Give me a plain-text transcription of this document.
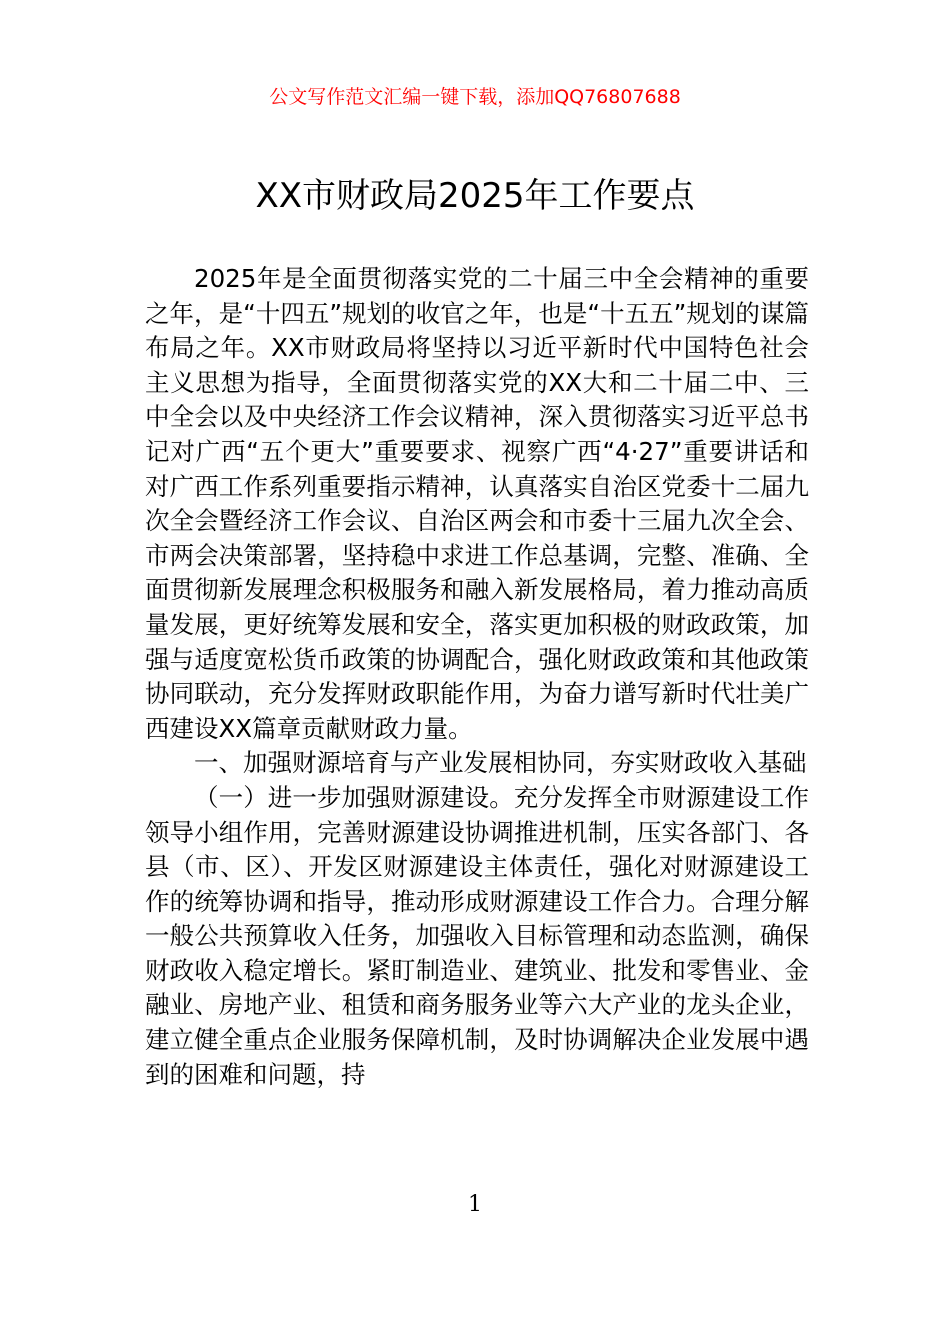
公文写作范文汇编一键下载，添加QQ76807688
XX市财政局2025年工作要点

2025年是全面贯彻落实党的二十届三中全会精神的重要之年，是“十四五”规划的收官之年，也是“十五五”规划的谋篇布局之年。XX市财政局将坚持以习近平新时代中国特色社会主义思想为指导，全面贯彻落实党的XX大和二十届二中、三中全会以及中央经济工作会议精神，深入贯彻落实习近平总书记对广西“五个更大”重要要求、视察广西“4·27”重要讲话和对广西工作系列重要指示精神，认真落实自治区党委十二届九次全会暨经济工作会议、自治区两会和市委十三届九次全会、市两会决策部署，坚持稳中求进工作总基调，完整、准确、全面贯彻新发展理念积极服务和融入新发展格局，着力推动高质量发展，更好统筹发展和安全，落实更加积极的财政政策，加强与适度宽松货币政策的协调配合，强化财政政策和其他政策协同联动，充分发挥财政职能作用，为奋力谱写新时代壮美广西建设XX篇章贡献财政力量。

一、加强财源培育与产业发展相协同，夯实财政收入基础

（一）进一步加强财源建设。充分发挥全市财源建设工作领导小组作用，完善财源建设协调推进机制，压实各部门、各县（市、区）、开发区财源建设主体责任，强化对财源建设工作的统筹协调和指导，推动形成财源建设工作合力。合理分解一般公共预算收入任务，加强收入目标管理和动态监测，确保财政收入稳定增长。紧盯制造业、建筑业、批发和零售业、金融业、房地产业、租赁和商务服务业等六大产业的龙头企业，建立健全重点企业服务保障机制，及时协调解决企业发展中遇到的困难和问题，持

1
